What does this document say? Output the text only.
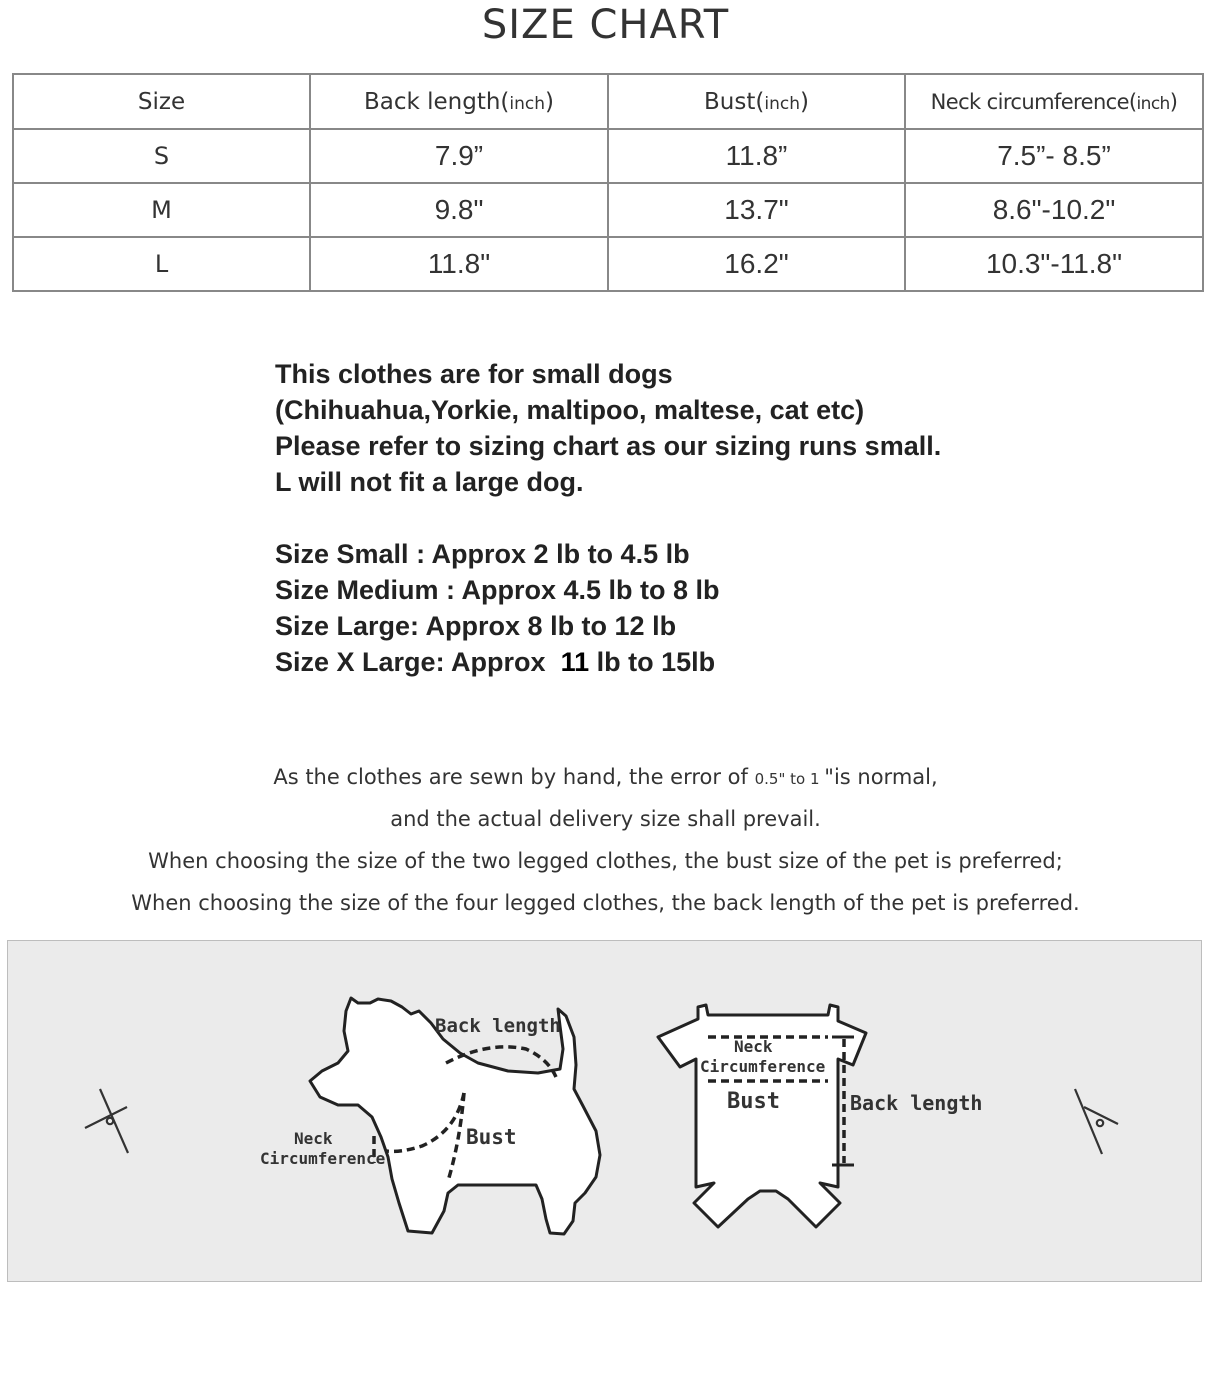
SIZE CHART
Size	Back length(inch)	Bust(inch)	Neck circumference(inch)
S	7.9”	11.8”	7.5”- 8.5”
M	9.8"	13.7"	8.6"-10.2"
L	11.8"	16.2"	10.3"-11.8"
This clothes are for small dogs
(Chihuahua,Yorkie, maltipoo, maltese, cat etc)
Please refer to sizing chart as our sizing runs small.
L will not fit a large dog.
Size Small : Approx 2 lb to 4.5 lb
Size Medium : Approx 4.5 lb to 8 lb
Size Large: Approx 8 lb to 12 lb
Size X Large: Approx  11 lb to 15lb
As the clothes are sewn by hand, the error of 0.5" to 1 "is normal,
and the actual delivery size shall prevail.
When choosing the size of the two legged clothes, the bust size of the pet is preferred;
When choosing the size of the four legged clothes, the back length of the pet is preferred.
Back length
Neck
Circumference
Bust
Neck
Circumference
Bust	Back length
